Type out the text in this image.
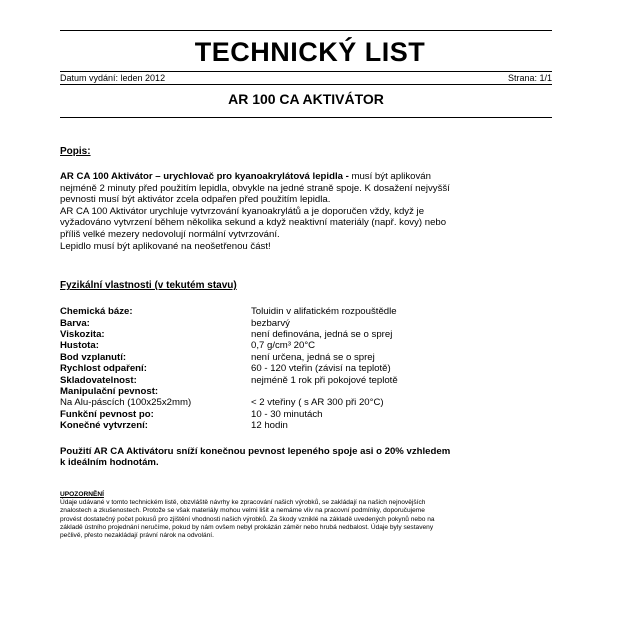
TECHNICKÝ LIST
Datum vydání: leden 2012	Strana: 1/1
AR 100 CA AKTIVÁTOR
Popis:
AR CA 100 Aktivátor – urychlovač pro kyanoakrylátová lepidla - musí být aplikován
nejméně 2 minuty před použitím lepidla, obvykle na jedné straně spoje. K dosažení nejvyšší
pevnosti musí být aktivátor zcela odpařen před použitím lepidla.
AR CA 100 Aktivátor urychluje vytvrzování kyanoakrylátů a je doporučen vždy, když je
vyžadováno vytvrzení během několika sekund a když neaktivní materiály (např. kovy) nebo
příliš velké mezery nedovolují normální vytvrzování.
Lepidlo musí být aplikované na neošetřenou část!
Fyzikální vlastnosti (v tekutém stavu)
Chemická báze:	Toluidin v alifatickém rozpouštědle
Barva:	bezbarvý
Viskozita:	není definována, jedná se o sprej
Hustota:	0,7 g/cm³ 20°C
Bod vzplanutí:	není určena, jedná se o sprej
Rychlost odpaření:	60 - 120 vteřin (závisí na teplotě)
Skladovatelnost:	nejméně 1 rok při pokojové teplotě
Manipulační pevnost:
Na Alu-páscích (100x25x2mm)	< 2 vteřiny ( s AR 300 při 20°C)
Funkční pevnost po:	10 - 30 minutách
Konečné vytvrzení:	12 hodin
Použití AR CA Aktivátoru sníží konečnou pevnost lepeného spoje asi o 20% vzhledem
k ideálním hodnotám.
UPOZORNĚNÍ
Údaje udávané v tomto technickém listě, obzvláště návrhy ke zpracování našich výrobků, se zakládají na našich nejnovějších
znalostech a zkušenostech. Protože se však materiály mohou velmi lišit a nemáme vliv na pracovní podmínky, doporučujeme
provést dostatečný počet pokusů pro zjištění vhodnosti našich výrobků. Za škody vzniklé na základě uvedených pokynů nebo na
základě ústního projednání neručíme, pokud by nám ovšem nebyl prokázán záměr nebo hrubá nedbalost. Údaje byly sestaveny
pečlivě, přesto nezakládají právní nárok na odvolání.
